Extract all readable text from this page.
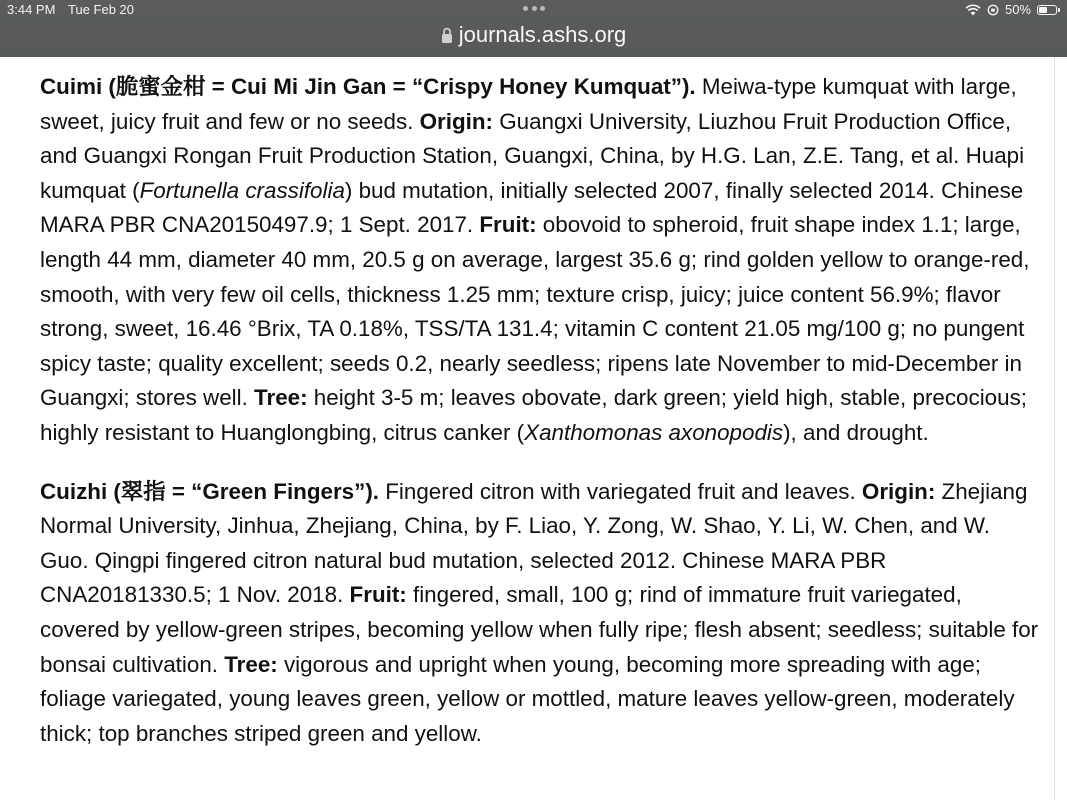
3:44 PM Tue Feb 20	50%
journals.ashs.org

Cuimi (脆蜜金柑 = Cui Mi Jin Gan = “Crispy Honey Kumquat”). Meiwa-type kumquat with large, sweet, juicy fruit and few or no seeds. Origin: Guangxi University, Liuzhou Fruit Production Office, and Guangxi Rongan Fruit Production Station, Guangxi, China, by H.G. Lan, Z.E. Tang, et al. Huapi kumquat (Fortunella crassifolia) bud mutation, initially selected 2007, finally selected 2014. Chinese MARA PBR CNA20150497.9; 1 Sept. 2017. Fruit: obovoid to spheroid, fruit shape index 1.1; large, length 44 mm, diameter 40 mm, 20.5 g on average, largest 35.6 g; rind golden yellow to orange-red, smooth, with very few oil cells, thickness 1.25 mm; texture crisp, juicy; juice content 56.9%; flavor strong, sweet, 16.46 °Brix, TA 0.18%, TSS/TA 131.4; vitamin C content 21.05 mg/100 g; no pungent spicy taste; quality excellent; seeds 0.2, nearly seedless; ripens late November to mid-December in Guangxi; stores well. Tree: height 3-5 m; leaves obovate, dark green; yield high, stable, precocious; highly resistant to Huanglongbing, citrus canker (Xanthomonas axonopodis), and drought.

Cuizhi (翠指 = “Green Fingers”). Fingered citron with variegated fruit and leaves. Origin: Zhejiang Normal University, Jinhua, Zhejiang, China, by F. Liao, Y. Zong, W. Shao, Y. Li, W. Chen, and W. Guo. Qingpi fingered citron natural bud mutation, selected 2012. Chinese MARA PBR CNA20181330.5; 1 Nov. 2018. Fruit: fingered, small, 100 g; rind of immature fruit variegated, covered by yellow-green stripes, becoming yellow when fully ripe; flesh absent; seedless; suitable for bonsai cultivation. Tree: vigorous and upright when young, becoming more spreading with age; foliage variegated, young leaves green, yellow or mottled, mature leaves yellow-green, moderately thick; top branches striped green and yellow.
